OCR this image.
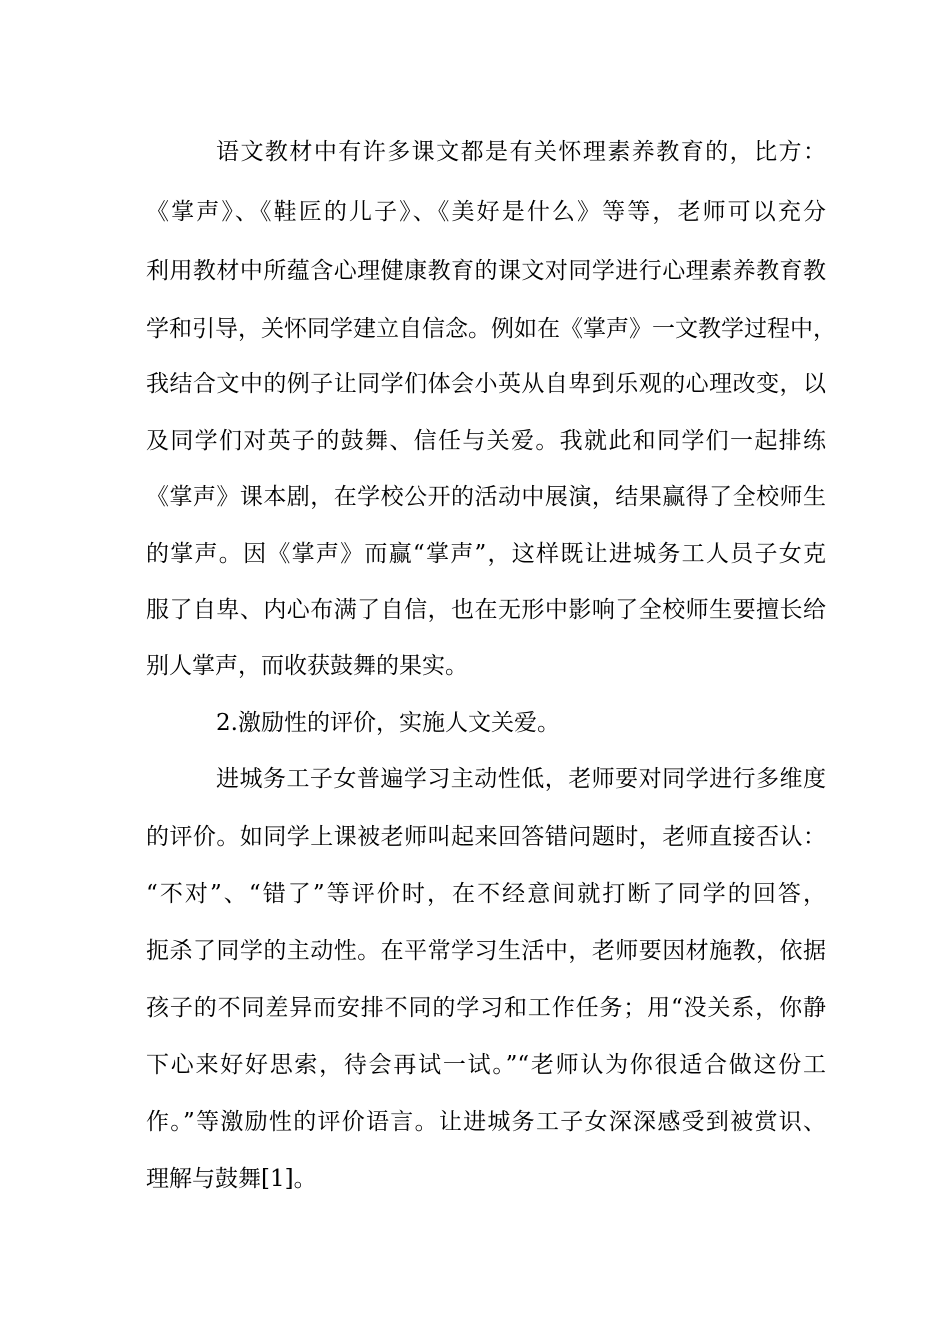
语文教材中有许多课文都是有关怀理素养教育的，比方：
《掌声》、《鞋匠的儿子》、《美好是什么》等等，老师可以充分
利用教材中所蕴含心理健康教育的课文对同学进行心理素养教育教
学和引导，关怀同学建立自信念。例如在《掌声》一文教学过程中，
我结合文中的例子让同学们体会小英从自卑到乐观的心理改变，以
及同学们对英子的鼓舞、信任与关爱。我就此和同学们一起排练
《掌声》课本剧，在学校公开的活动中展演，结果赢得了全校师生
的掌声。因《掌声》而赢“掌声”，这样既让进城务工人员子女克
服了自卑、内心布满了自信，也在无形中影响了全校师生要擅长给
别人掌声，而收获鼓舞的果实。
2.激励性的评价，实施人文关爱。
进城务工子女普遍学习主动性低，老师要对同学进行多维度
的评价。如同学上课被老师叫起来回答错问题时，老师直接否认：
“不对”、“错了”等评价时，在不经意间就打断了同学的回答，
扼杀了同学的主动性。在平常学习生活中，老师要因材施教，依据
孩子的不同差异而安排不同的学习和工作任务；用“没关系，你静
下心来好好思索，待会再试一试。”“老师认为你很适合做这份工
作。”等激励性的评价语言。让进城务工子女深深感受到被赏识、
理解与鼓舞[1]。
